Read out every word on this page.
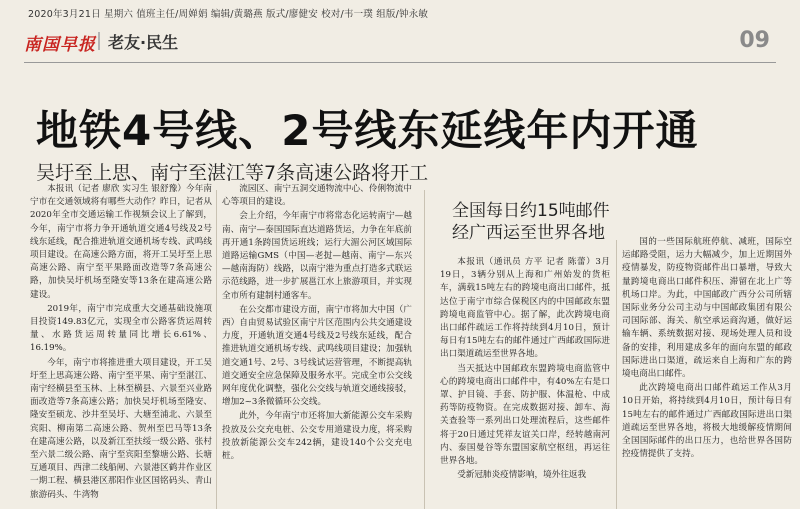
2020年3月21日 星期六 值班主任/周婵娟 编辑/黄璐燕 版式/廖健安 校对/韦一璞 组版/钟永敏
南国早报 老友·民生	09
地铁4号线、2号线东延线年内开通
吴圩至上思、南宁至湛江等7条高速公路将开工

本报讯（记者 廖欣 实习生 银舒豫）今年南宁市在交通领域将有哪些大动作？昨日，记者从2020年全市交通运输工作视频会议上了解到，今年，南宁市将力争开通轨道交通4号线及2号线东延线，配合推进轨道交通机场专线、武鸣线项目建设。在高速公路方面，将开工吴圩至上思高速公路、南宁至平果路面改造等7条高速公路，加快吴圩机场至隆安等13条在建高速公路建设。

2019年，南宁市完成重大交通基础设施项目投资149.83亿元，实现全市公路客货运周转量、水路货运周转量同比增长6.61%、16.19%。

今年，南宁市将推进重大项目建设，开工吴圩至上思高速公路、南宁至平果、南宁至湛江、南宁经横县至玉林、上林至横县、六景至兴业路面改造等7条高速公路；加快吴圩机场至隆安、隆安至硕龙、沙井至吴圩、大塘至浦北、六景至宾阳、柳南第二高速公路、贺州至巴马等13条在建高速公路，以及新江至扶绥一级公路、张村至六景二级公路、南宁至宾阳至黎塘公路、长塘互通项目、西津二线船闸、六景港区鹤井作业区一期工程、横县港区那阳作业区国铭码头、青山旅游码头、牛湾物

流园区、南宁五洞交通物流中心、伶俐物流中心等项目的建设。

会上介绍，今年南宁市将常态化运转南宁—越南、南宁—泰国国际直达道路货运，力争在年底前再开通1条跨国货运班线；运行大湄公河区域国际道路运输GMS（中国—老挝—越南、南宁—东兴—越南海防）线路，以南宁港为重点打造多式联运示范线路，进一步扩展邕江水上旅游项目，并实现全市所有建制村通客车。

在公交都市建设方面，南宁市将加大中国（广西）自由贸易试验区南宁片区范围内公共交通建设力度，开通轨道交通4号线及2号线东延线，配合推进轨道交通机场专线、武鸣线项目建设；加强轨道交通1号、2号、3号线试运营管理，不断提高轨道交通安全应急保障及服务水平。完成全市公交线网年度优化调整，强化公交线与轨道交通线接驳，增加2~3条微循环公交线。

此外，今年南宁市还将加大新能源公交车采购投放及公交充电桩、公交专用道建设力度，将采购投放新能源公交车242辆，建设140个公交充电桩。

全国每日约15吨邮件
经广西运至世界各地

本报讯（通讯员 方平 记者 陈蕾）3月19日，3辆分别从上海和广州始发的货柜车，满载15吨左右的跨境电商出口邮件，抵达位于南宁市综合保税区内的中国邮政东盟跨境电商监管中心。据了解，此次跨境电商出口邮件疏运工作将持续到4月10日，预计每日有15吨左右的邮件通过广西邮政国际进出口渠道疏运至世界各地。

当天抵达中国邮政东盟跨境电商监管中心的跨境电商出口邮件中，有40%左右是口罩、护目镜、手套、防护服、体温枪、中成药等防疫物资。在完成数据对接、卸车、海关查验等一系列出口处理流程后，这些邮件将于20日通过凭祥友谊关口岸，经转越南河内、泰国曼谷等东盟国家航空枢纽，再运往世界各地。

受新冠肺炎疫情影响，境外往返我

国的一些国际航班停航、减班，国际空运邮路受阻，运力大幅减少，加上近期国外疫情暴发，防疫物资邮件出口暴增，导致大量跨境电商出口邮件积压、滞留在北上广等机场口岸。为此，中国邮政广西分公司所辖国际业务分公司主动与中国邮政集团有限公司国际部、海关、航空承运商沟通，做好运输车辆、系统数据对接、现场处理人员和设备的安排，利用建成多年的面向东盟的邮政国际进出口渠道，疏运来自上海和广东的跨境电商出口邮件。

此次跨境电商出口邮件疏运工作从3月10日开始，将持续到4月10日，预计每日有15吨左右的邮件通过广西邮政国际进出口渠道疏运至世界各地，将极大地缓解疫情期间全国国际邮件的出口压力，也给世界各国防控疫情提供了支持。
